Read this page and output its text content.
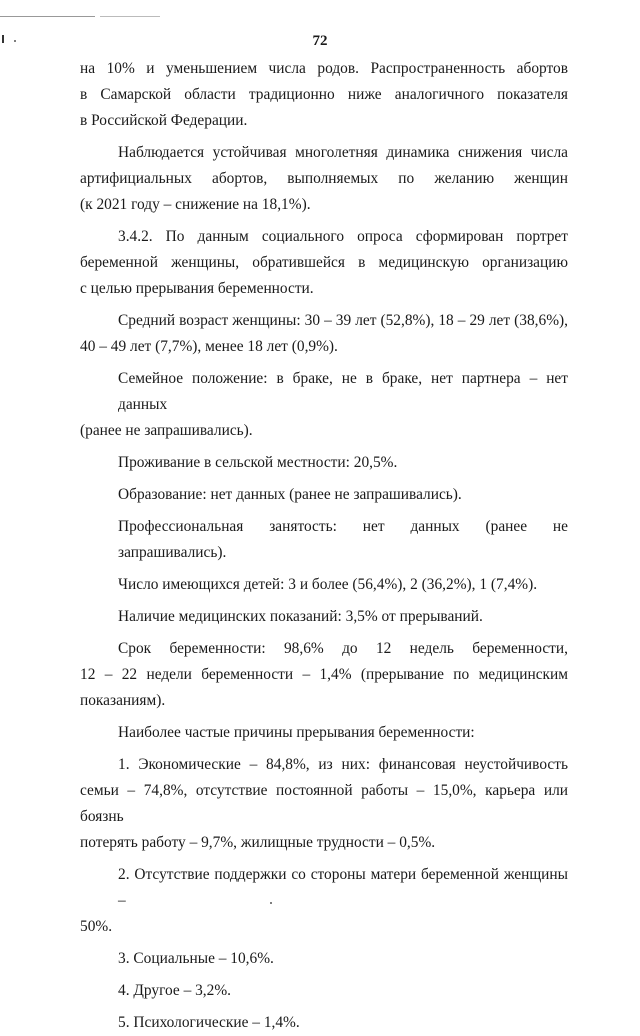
72
на 10% и уменьшением числа родов. Распространенность абортов
в Самарской области традиционно ниже аналогичного показателя
в Российской Федерации.
Наблюдается устойчивая многолетняя динамика снижения числа
артифициальных абортов, выполняемых по желанию женщин
(к 2021 году – снижение на 18,1%).
3.4.2. По данным социального опроса сформирован портрет
беременной женщины, обратившейся в медицинскую организацию
с целью прерывания беременности.
Средний возраст женщины: 30 – 39 лет (52,8%), 18 – 29 лет (38,6%),
40 – 49 лет (7,7%), менее 18 лет (0,9%).
Семейное положение: в браке, не в браке, нет партнера – нет данных
(ранее не запрашивались).
Проживание в сельской местности: 20,5%.
Образование: нет данных (ранее не запрашивались).
Профессиональная занятость: нет данных (ранее не запрашивались).
Число имеющихся детей: 3 и более (56,4%), 2 (36,2%), 1 (7,4%).
Наличие медицинских показаний: 3,5% от прерываний.
Срок беременности: 98,6% до 12 недель беременности,
12 – 22 недели беременности – 1,4% (прерывание по медицинским
показаниям).
Наиболее частые причины прерывания беременности:
1. Экономические – 84,8%, из них: финансовая неустойчивость
семьи – 74,8%, отсутствие постоянной работы – 15,0%, карьера или боязнь
потерять работу – 9,7%, жилищные трудности – 0,5%.
2. Отсутствие поддержки со стороны матери беременной женщины –
50%.
3. Социальные – 10,6%.
4. Другое – 3,2%.
5. Психологические – 1,4%.
